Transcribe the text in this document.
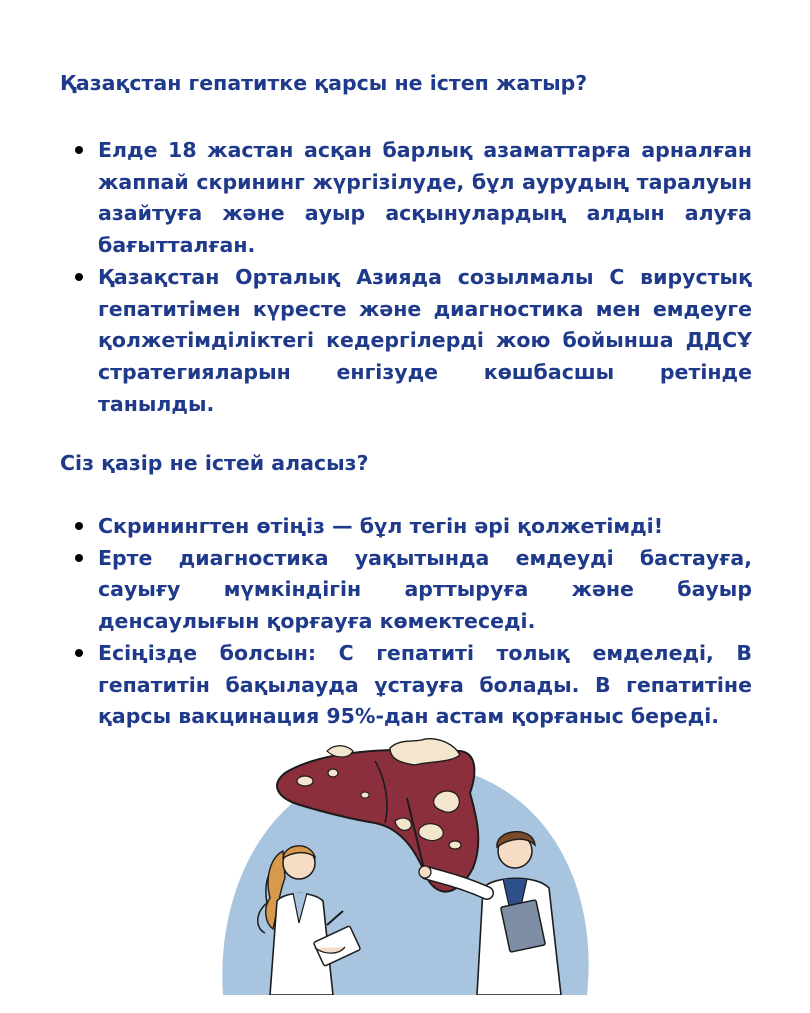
Қазақстан гепатитке қарсы не істеп жатыр?
Елде 18 жастан асқан барлық азаматтарға арналған жаппай скрининг жүргізілуде, бұл аурудың таралуын азайтуға және ауыр асқынулардың алдын алуға бағытталған.
Қазақстан Орталық Азияда созылмалы С вирустық гепатитімен күресте және диагностика мен емдеуге қолжетімділіктегі кедергілерді жою бойынша ДДСҰ стратегияларын енгізуде көшбасшы ретінде танылды.
Сіз қазір не істей аласыз?
Скринингтен өтіңіз — бұл тегін әрі қолжетімді!
Ерте диагностика уақытында емдеуді бастауға, сауығу мүмкіндігін арттыруға және бауыр денсаулығын қорғауға көмектеседі.
Есіңізде болсын: С гепатиті толық емделеді, В гепатитін бақылауда ұстауға болады. В гепатитіне қарсы вакцинация 95%-дан астам қорғаныс береді.
